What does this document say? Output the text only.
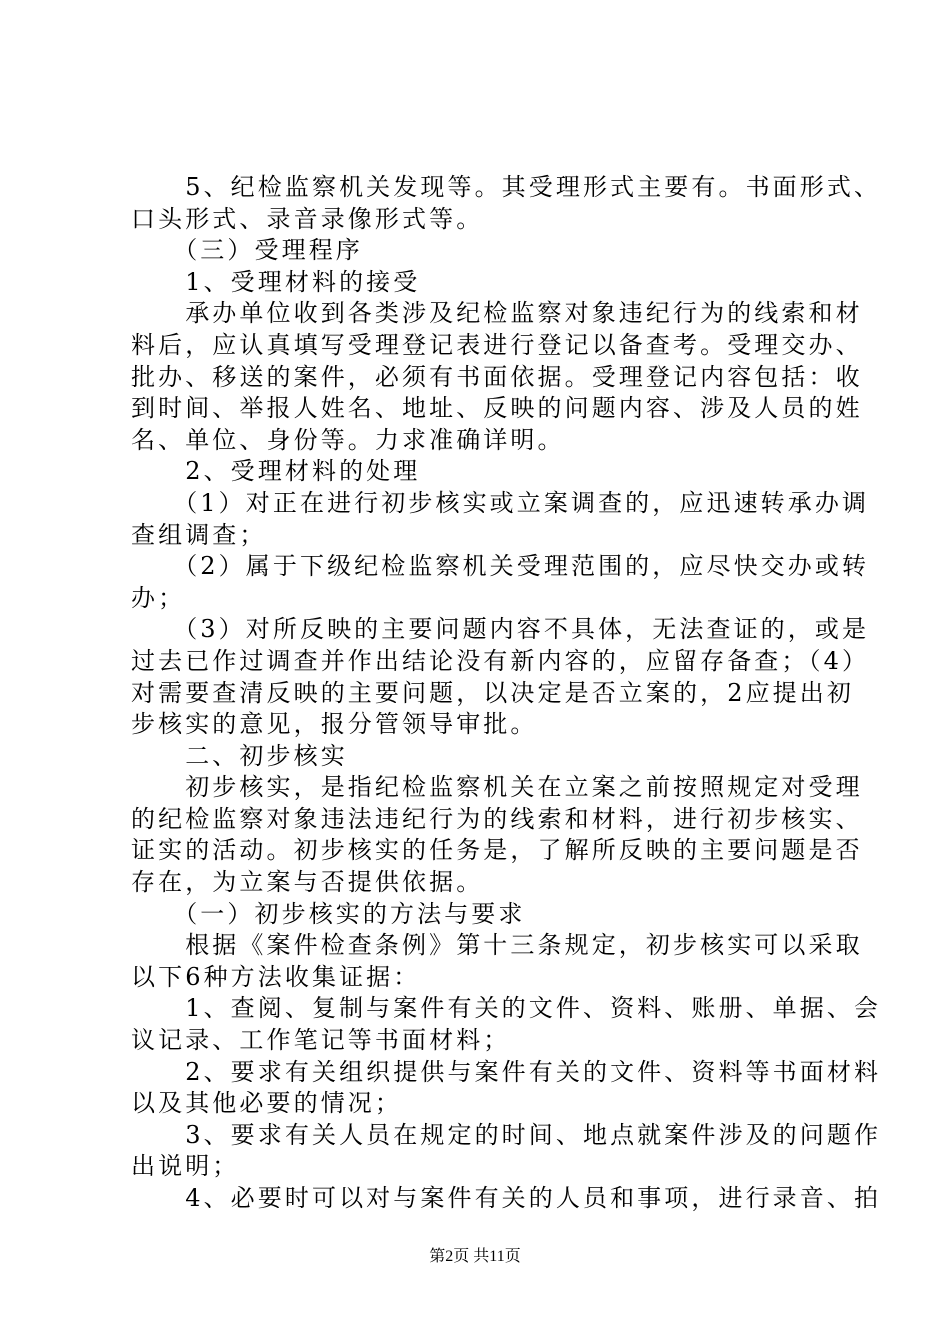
　　5、纪检监察机关发现等。其受理形式主要有。书面形式、
口头形式、录音录像形式等。
　　（三）受理程序
　　1、受理材料的接受
　　承办单位收到各类涉及纪检监察对象违纪行为的线索和材
料后，应认真填写受理登记表进行登记以备查考。受理交办、
批办、移送的案件，必须有书面依据。受理登记内容包括：收
到时间、举报人姓名、地址、反映的问题内容、涉及人员的姓
名、单位、身份等。力求准确详明。
　　2、受理材料的处理
　　（1）对正在进行初步核实或立案调查的，应迅速转承办调
查组调查；
　　（2）属于下级纪检监察机关受理范围的，应尽快交办或转
办；
　　（3）对所反映的主要问题内容不具体，无法查证的，或是
过去已作过调查并作出结论没有新内容的，应留存备查；（4）
对需要查清反映的主要问题，以决定是否立案的，2应提出初
步核实的意见，报分管领导审批。
　　二、初步核实
　　初步核实，是指纪检监察机关在立案之前按照规定对受理
的纪检监察对象违法违纪行为的线索和材料，进行初步核实、
证实的活动。初步核实的任务是，了解所反映的主要问题是否
存在，为立案与否提供依据。
　　（一）初步核实的方法与要求
　　根据《案件检查条例》第十三条规定，初步核实可以采取
以下6种方法收集证据：
　　1、查阅、复制与案件有关的文件、资料、账册、单据、会
议记录、工作笔记等书面材料；
　　2、要求有关组织提供与案件有关的文件、资料等书面材料
以及其他必要的情况；
　　3、要求有关人员在规定的时间、地点就案件涉及的问题作
出说明；
　　4、必要时可以对与案件有关的人员和事项，进行录音、拍
第2页 共11页
